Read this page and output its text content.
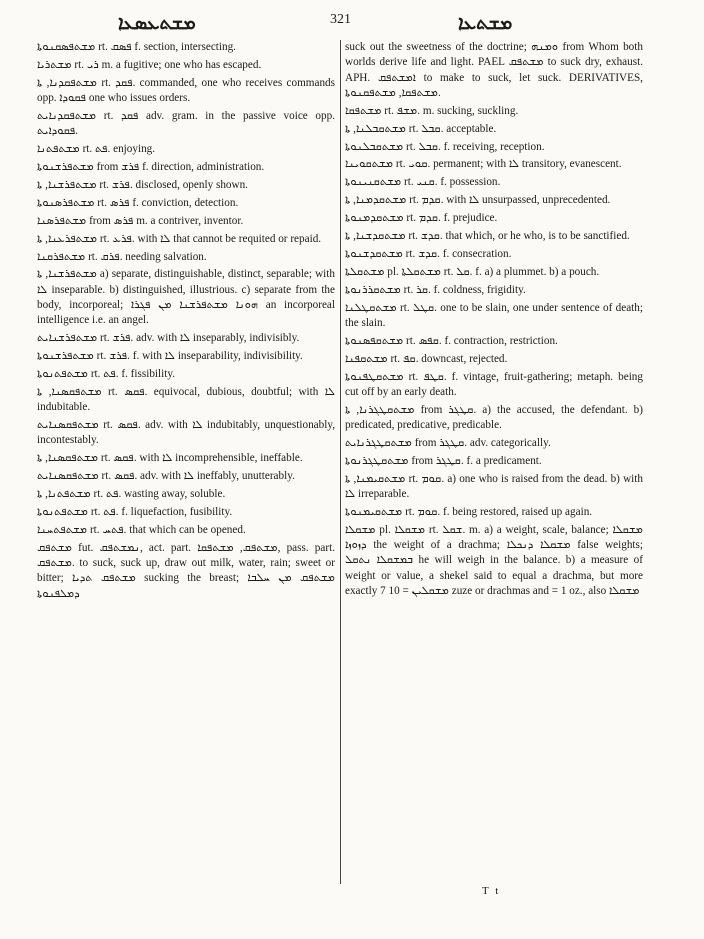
ܡܫܬܥܣܥܐ	321	ܡܫܬܥܐ

ܡܫܬܦܣܩܢܘܬܐ rt. ܦܣܩ f. section, intersecting.

ܡܫܬܪܝܐ rt. ܪܝ m. a fugitive; one who has escaped.

ܡܫܬܦܩܕܢܐ, ܬܐ rt. ܦܩܕ. commanded, one who receives commands opp. ܦܩܘܕܐ one who issues orders.

ܡܫܬܦܩܕܢܐܝܬ rt. ܦܩܕ adv. gram. in the passive voice opp. ܦܩܘܕܐܝܬ.

ܡܫܬܦܬܢܐ rt. ܦܬ. enjoying.

ܡܫܬܦܪܫܢܘܬܐ from ܦܪܫ f. direction, administration.

ܡܫܬܦܪܫܢܐ, ܬܐ rt. ܦܪܫ. disclosed, openly shown.

ܡܫܬܦܪܣܢܘܬܐ rt. ܦܪܣ f. conviction, detection.

ܡܫܬܦܪܣܢܐ from ܦܪܣ m. a contriver, inventor.

ܡܫܬܦܪܥܢܐ, ܬܐ rt. ܦܪܥ. with ܠܐ that cannot be requited or repaid.

ܡܫܬܦܪܩܢܐ rt. ܦܪܩ. needing salvation.

ܡܫܬܦܪܫܢܐ, ܬܐ a) separate, distinguishable, distinct, separable; with ܠܐ inseparable. b) distinguished, illustrious. c) separate from the body, incorporeal; ܗܘܢܐ ܡܫܬܦܪܫܢܐ ܡܢ ܦܓܪܐ an incorporeal intelligence i.e. an angel.

ܡܫܬܦܪܫܢܐܝܬ rt. ܦܪܫ. adv. with ܠܐ inseparably, indivisibly.

ܡܫܬܦܪܫܢܘܬܐ rt. ܦܪܫ. f. with ܠܐ inseparability, indivisibility.

ܡܫܬܦܬܢܘܬܐ rt. ܦܬ. f. fissibility.

ܡܫܬܦܩܣܢܐ, ܬܐ rt. ܦܩܣ. equivocal, dubious, doubtful; with ܠܐ indubitable.

ܡܫܬܦܩܣܢܐܝܬ rt. ܦܩܣ. adv. with ܠܐ indubitably, unquestionably, incontestably.

ܡܫܬܦܩܣܢܐ, ܬܐ rt. ܦܩܣ. with ܠܐ incomprehensible, ineffable.

ܡܫܬܦܩܣܢܐܝܬ rt. ܦܩܣ. adv. with ܠܐ ineffably, unutterably.

ܡܫܬܦܬܢܐ, ܬܐ rt. ܦܬ. wasting away, soluble.

ܡܫܬܦܬܢܘܬܐ rt. ܦܬ. f. liquefaction, fusibility.

ܡܫܬܦܬܚܢܐ rt. ܦܬܚ. that which can be opened.

ܡܫܬܦܩ fut. ܢܡܫܬܦܩ, act. part. ܡܫܬܦܩ, ܡܫܬܦܩܐ, pass. part. ܡܫܬܦܩ. to suck, suck up, draw out milk, water, rain; sweet or bitter; ܡܫܬܦܩ ܬܕܝܐ sucking the breast; ܡܫܬܦܩ ܡܢ ܚܠܒܐ ܕܡܠܦܢܘܬܐ

suck out the sweetness of the doctrine; ܘܡܢܗ from Whom both worlds derive life and light. PAEL ܡܫܬܦܩ to suck dry, exhaust. APH. ܐܡܫܬܦܩ to make to suck, let suck. DERIVATIVES, ܡܫܬܦܩܐ, ܡܫܬܦܩܢܘܬܐ.

ܡܫܬܦܩܐ rt. ܡܫܦ. m. sucking, suckling.

ܡܫܬܩܒܠܢܐ, ܬܐ rt. ܩܒܠ. acceptable.

ܡܫܬܩܒܠܢܘܬܐ rt. ܩܒܠ. f. receiving, reception.

ܡܫܬܩܘܝܢܐ rt. ܩܘܝ. permanent; with ܠܐ transitory, evanescent.

ܡܫܬܩܢܝܢܘܬܐ rt. ܩܢܝ. f. possession.

ܡܫܬܩܕܡܢܐ, ܬܐ rt. ܩܕܡ. with ܠܐ unsurpassed, unprecedented.

ܡܫܬܩܕܡܢܘܬܐ rt. ܩܕܡ. f. prejudice.

ܡܫܬܩܕܫܢܐ, ܬܐ rt. ܩܕܫ. that which, or he who, is to be sanctified.

ܡܫܬܩܕܫܢܘܬܐ rt. ܩܕܫ. f. consecration.

ܡܫܬܩܠܬܐ pl. ܡܫܬܩܠܬܐ rt. ܩܠ. f. a) a plummet. b) a pouch.

ܡܫܬܩܪܪܢܘܬܐ rt. ܩܪ. f. coldness, frigidity.

ܡܫܬܩܛܠܢܐ rt. ܩܛܠ. one to be slain, one under sentence of death; the slain.

ܡܫܬܩܦܣܢܘܬܐ rt. ܩܦܣ. f. contraction, restriction.

ܡܫܬܩܦܢܐ rt. ܩܦ. downcast, rejected.

ܡܫܬܩܛܦܢܘܬܐ rt. ܩܛܦ. f. vintage, fruit-gathering; metaph. being cut off by an early death.

ܡܫܬܩܛܓܪܢܐ, ܬܐ from ܩܛܓܪ. a) the accused, the defendant. b) predicated, predicative, predicable.

ܡܫܬܩܛܓܪܢܐܝܬ from ܩܛܓܪ. adv. categorically.

ܡܫܬܩܛܓܪܢܘܬܐ from ܩܛܓܪ. f. a predicament.

ܡܫܬܩܝܡܢܐ, ܬܐ rt. ܩܘܡ. a) one who is raised from the dead. b) with ܠܐ irreparable.

ܡܫܬܩܝܡܢܘܬܐ rt. ܩܘܡ. f. being restored, raised up again.

ܡܫܩܠܐ pl. ܡܫܩܠܐ rt. ܫܩܠ. m. a) a weight, scale, balance; ܡܫܩܠܐ ܕܙܘܙܐ the weight of a drachma; ܡܫܩܠܐ ܕܢܟܠܐ false weights; ܒܡܫܩܠܐ ܢܬܩܠ he will weigh in the balance. b) a measure of weight or value, a shekel said to equal a drachma, but more exactly 7 ܡܫܩܠܝܢ = 10 zuze or drachmas and = 1 oz., also ܡܫܩܠܐ

T t
